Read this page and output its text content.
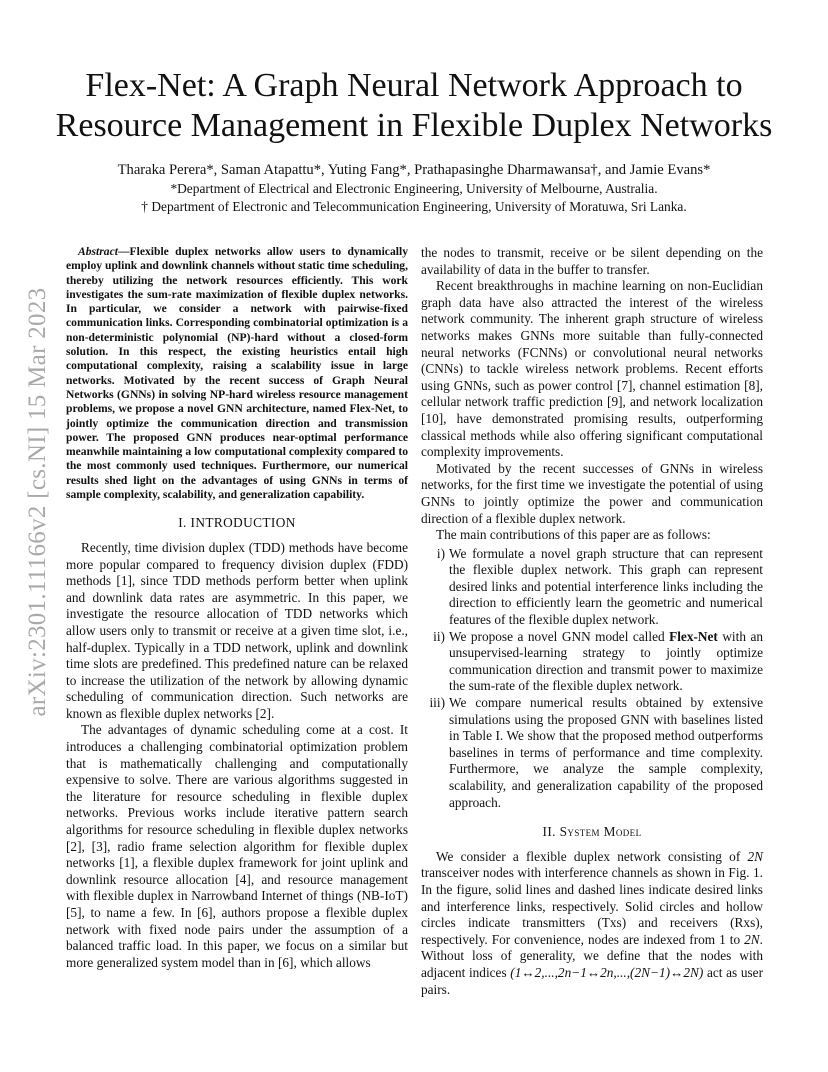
arXiv:2301.11166v2 [cs.NI] 15 Mar 2023
Flex-Net: A Graph Neural Network Approach to
Resource Management in Flexible Duplex Networks
Tharaka Perera*, Saman Atapattu*, Yuting Fang*, Prathapasinghe Dharmawansa†, and Jamie Evans*
*Department of Electrical and Electronic Engineering, University of Melbourne, Australia.
† Department of Electronic and Telecommunication Engineering, University of Moratuwa, Sri Lanka.

Abstract—Flexible duplex networks allow users to dynamically employ uplink and downlink channels without static time scheduling, thereby utilizing the network resources efficiently. This work investigates the sum-rate maximization of flexible duplex networks. In particular, we consider a network with pairwise-fixed communication links. Corresponding combinatorial optimization is a non-deterministic polynomial (NP)-hard without a closed-form solution. In this respect, the existing heuristics entail high computational complexity, raising a scalability issue in large networks. Motivated by the recent success of Graph Neural Networks (GNNs) in solving NP-hard wireless resource management problems, we propose a novel GNN architecture, named Flex-Net, to jointly optimize the communication direction and transmission power. The proposed GNN produces near-optimal performance meanwhile maintaining a low computational complexity compared to the most commonly used techniques. Furthermore, our numerical results shed light on the advantages of using GNNs in terms of sample complexity, scalability, and generalization capability.

I. INTRODUCTION

Recently, time division duplex (TDD) methods have become more popular compared to frequency division duplex (FDD) methods [1], since TDD methods perform better when uplink and downlink data rates are asymmetric. In this paper, we investigate the resource allocation of TDD networks which allow users only to transmit or receive at a given time slot, i.e., half-duplex. Typically in a TDD network, uplink and downlink time slots are predefined. This predefined nature can be relaxed to increase the utilization of the network by allowing dynamic scheduling of communication direction. Such networks are known as flexible duplex networks [2].

The advantages of dynamic scheduling come at a cost. It introduces a challenging combinatorial optimization problem that is mathematically challenging and computationally expensive to solve. There are various algorithms suggested in the literature for resource scheduling in flexible duplex networks. Previous works include iterative pattern search algorithms for resource scheduling in flexible duplex networks [2], [3], radio frame selection algorithm for flexible duplex networks [1], a flexible duplex framework for joint uplink and downlink resource allocation [4], and resource management with flexible duplex in Narrowband Internet of things (NB-IoT) [5], to name a few. In [6], authors propose a flexible duplex network with fixed node pairs under the assumption of a balanced traffic load. In this paper, we focus on a similar but more generalized system model than in [6], which allows

the nodes to transmit, receive or be silent depending on the availability of data in the buffer to transfer.

Recent breakthroughs in machine learning on non-Euclidian graph data have also attracted the interest of the wireless network community. The inherent graph structure of wireless networks makes GNNs more suitable than fully-connected neural networks (FCNNs) or convolutional neural networks (CNNs) to tackle wireless network problems. Recent efforts using GNNs, such as power control [7], channel estimation [8], cellular network traffic prediction [9], and network localization [10], have demonstrated promising results, outperforming classical methods while also offering significant computational complexity improvements.

Motivated by the recent successes of GNNs in wireless networks, for the first time we investigate the potential of using GNNs to jointly optimize the power and communication direction of a flexible duplex network.

The main contributions of this paper are as follows:

i) We formulate a novel graph structure that can represent the flexible duplex network. This graph can represent desired links and potential interference links including the direction to efficiently learn the geometric and numerical features of the flexible duplex network.
ii) We propose a novel GNN model called Flex-Net with an unsupervised-learning strategy to jointly optimize communication direction and transmit power to maximize the sum-rate of the flexible duplex network.
iii) We compare numerical results obtained by extensive simulations using the proposed GNN with baselines listed in Table I. We show that the proposed method outperforms baselines in terms of performance and time complexity. Furthermore, we analyze the sample complexity, scalability, and generalization capability of the proposed approach.
II. System Model

We consider a flexible duplex network consisting of 2N transceiver nodes with interference channels as shown in Fig. 1. In the figure, solid lines and dashed lines indicate desired links and interference links, respectively. Solid circles and hollow circles indicate transmitters (Txs) and receivers (Rxs), respectively. For convenience, nodes are indexed from 1 to 2N. Without loss of generality, we define that the nodes with adjacent indices (1↔2,...,2n−1↔2n,...,(2N−1)↔2N) act as user pairs.
